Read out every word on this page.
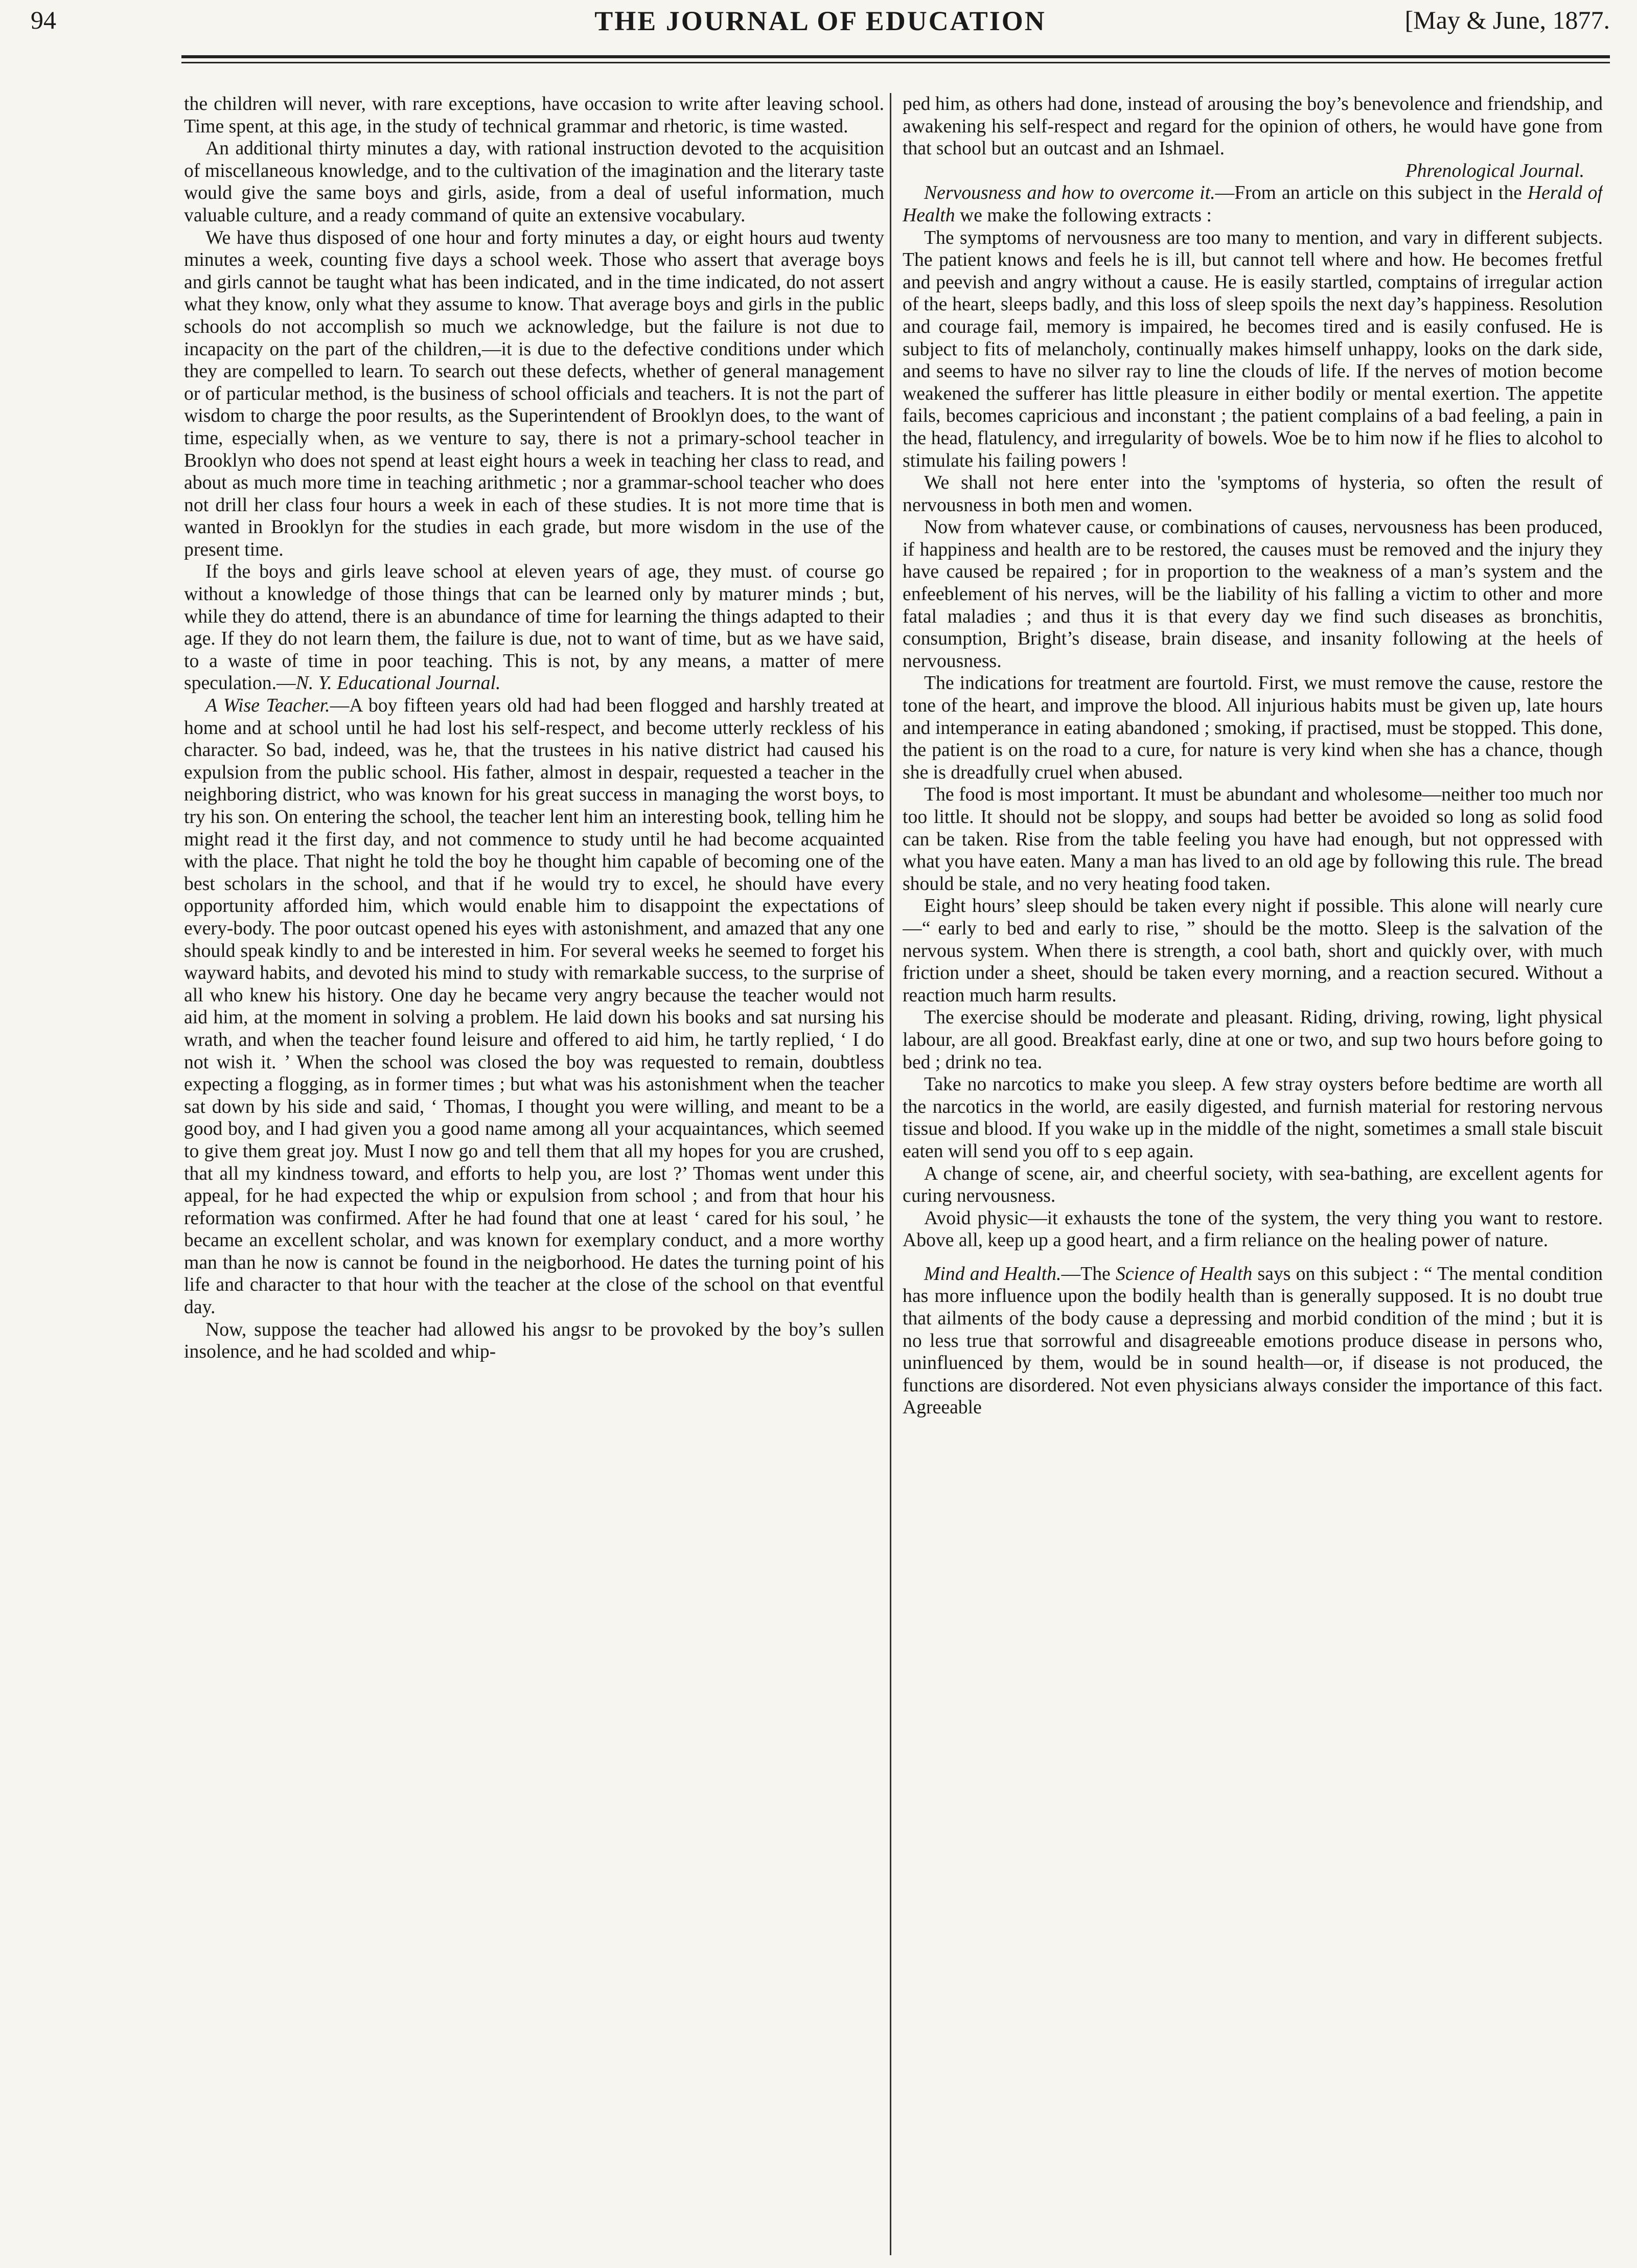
94	THE JOURNAL OF EDUCATION	[May & June, 1877.

the children will never, with rare exceptions, have occasion to write after leaving school. Time spent, at this age, in the study of technical grammar and rhetoric, is time wasted.

An additional thirty minutes a day, with rational instruction devoted to the acquisition of miscellaneous knowledge, and to the cultivation of the imagination and the literary taste would give the same boys and girls, aside, from a deal of useful information, much valuable culture, and a ready command of quite an extensive vocabulary.

We have thus disposed of one hour and forty minutes a day, or eight hours aud twenty minutes a week, counting five days a school week. Those who assert that average boys and girls cannot be taught what has been indicated, and in the time indicated, do not assert what they know, only what they assume to know. That average boys and girls in the public schools do not accomplish so much we acknowledge, but the failure is not due to incapacity on the part of the children,—it is due to the defective conditions under which they are compelled to learn. To search out these defects, whether of general management or of particular method, is the business of school officials and teachers. It is not the part of wisdom to charge the poor results, as the Superintendent of Brooklyn does, to the want of time, especially when, as we venture to say, there is not a primary-school teacher in Brooklyn who does not spend at least eight hours a week in teaching her class to read, and about as much more time in teaching arithmetic ; nor a grammar-school teacher who does not drill her class four hours a week in each of these studies. It is not more time that is wanted in Brooklyn for the studies in each grade, but more wisdom in the use of the present time.

If the boys and girls leave school at eleven years of age, they must. of course go without a knowledge of those things that can be learned only by maturer minds ; but, while they do attend, there is an abundance of time for learning the things adapted to their age. If they do not learn them, the failure is due, not to want of time, but as we have said, to a waste of time in poor teaching. This is not, by any means, a matter of mere speculation.—N. Y. Educational Journal.

A Wise Teacher.—A boy fifteen years old had had been flogged and harshly treated at home and at school until he had lost his self-respect, and become utterly reckless of his character. So bad, indeed, was he, that the trustees in his native district had caused his expulsion from the public school. His father, almost in despair, requested a teacher in the neighboring district, who was known for his great success in managing the worst boys, to try his son. On entering the school, the teacher lent him an interesting book, telling him he might read it the first day, and not commence to study until he had become acquainted with the place. That night he told the boy he thought him capable of becoming one of the best scholars in the school, and that if he would try to excel, he should have every opportunity afforded him, which would enable him to disappoint the expectations of every-body. The poor outcast opened his eyes with astonishment, and amazed that any one should speak kindly to and be interested in him. For several weeks he seemed to forget his wayward habits, and devoted his mind to study with remarkable success, to the surprise of all who knew his history. One day he became very angry because the teacher would not aid him, at the moment in solving a problem. He laid down his books and sat nursing his wrath, and when the teacher found leisure and offered to aid him, he tartly replied, ‘ I do not wish it. ’ When the school was closed the boy was requested to remain, doubtless expecting a flogging, as in former times ; but what was his astonishment when the teacher sat down by his side and said, ‘ Thomas, I thought you were willing, and meant to be a good boy, and I had given you a good name among all your acquaintances, which seemed to give them great joy. Must I now go and tell them that all my hopes for you are crushed, that all my kindness toward, and efforts to help you, are lost ?’ Thomas went under this appeal, for he had expected the whip or expulsion from school ; and from that hour his reformation was confirmed. After he had found that one at least ‘ cared for his soul, ’ he became an excellent scholar, and was known for exemplary conduct, and a more worthy man than he now is cannot be found in the neigborhood. He dates the turning point of his life and character to that hour with the teacher at the close of the school on that eventful day.

Now, suppose the teacher had allowed his angsr to be provoked by the boy’s sullen insolence, and he had scolded and whip-

ped him, as others had done, instead of arousing the boy’s benevolence and friendship, and awakening his self-respect and regard for the opinion of others, he would have gone from that school but an outcast and an Ishmael.

Phrenological Journal.

Nervousness and how to overcome it.—From an article on this subject in the Herald of Health we make the following extracts :

The symptoms of nervousness are too many to mention, and vary in different subjects. The patient knows and feels he is ill, but cannot tell where and how. He becomes fretful and peevish and angry without a cause. He is easily startled, comptains of irregular action of the heart, sleeps badly, and this loss of sleep spoils the next day’s happiness. Resolution and courage fail, memory is impaired, he becomes tired and is easily confused. He is subject to fits of melancholy, continually makes himself unhappy, looks on the dark side, and seems to have no silver ray to line the clouds of life. If the nerves of motion become weakened the sufferer has little pleasure in either bodily or mental exertion. The appetite fails, becomes capricious and inconstant ; the patient complains of a bad feeling, a pain in the head, flatulency, and irregularity of bowels. Woe be to him now if he flies to alcohol to stimulate his failing powers !

We shall not here enter into the 'symptoms of hysteria, so often the result of nervousness in both men and women.

Now from whatever cause, or combinations of causes, nervousness has been produced, if happiness and health are to be restored, the causes must be removed and the injury they have caused be repaired ; for in proportion to the weakness of a man’s system and the enfeeblement of his nerves, will be the liability of his falling a victim to other and more fatal maladies ; and thus it is that every day we find such diseases as bronchitis, consumption, Bright’s disease, brain disease, and insanity following at the heels of nervousness.

The indications for treatment are fourtold. First, we must remove the cause, restore the tone of the heart, and improve the blood. All injurious habits must be given up, late hours and intemperance in eating abandoned ; smoking, if practised, must be stopped. This done, the patient is on the road to a cure, for nature is very kind when she has a chance, though she is dreadfully cruel when abused.

The food is most important. It must be abundant and wholesome—neither too much nor too little. It should not be sloppy, and soups had better be avoided so long as solid food can be taken. Rise from the table feeling you have had enough, but not oppressed with what you have eaten. Many a man has lived to an old age by following this rule. The bread should be stale, and no very heating food taken.

Eight hours’ sleep should be taken every night if possible. This alone will nearly cure—“ early to bed and early to rise, ” should be the motto. Sleep is the salvation of the nervous system. When there is strength, a cool bath, short and quickly over, with much friction under a sheet, should be taken every morning, and a reaction secured. Without a reaction much harm results.

The exercise should be moderate and pleasant. Riding, driving, rowing, light physical labour, are all good. Breakfast early, dine at one or two, and sup two hours before going to bed ; drink no tea.

Take no narcotics to make you sleep. A few stray oysters before bedtime are worth all the narcotics in the world, are easily digested, and furnish material for restoring nervous tissue and blood. If you wake up in the middle of the night, sometimes a small stale biscuit eaten will send you off to s eep again.

A change of scene, air, and cheerful society, with sea-bathing, are excellent agents for curing nervousness.

Avoid physic—it exhausts the tone of the system, the very thing you want to restore. Above all, keep up a good heart, and a firm reliance on the healing power of nature.

Mind and Health.—The Science of Health says on this subject : “ The mental condition has more influence upon the bodily health than is generally supposed. It is no doubt true that ailments of the body cause a depressing and morbid condition of the mind ; but it is no less true that sorrowful and disagreeable emotions produce disease in persons who, uninfluenced by them, would be in sound health—or, if disease is not produced, the functions are disordered. Not even physicians always consider the importance of this fact. Agreeable
